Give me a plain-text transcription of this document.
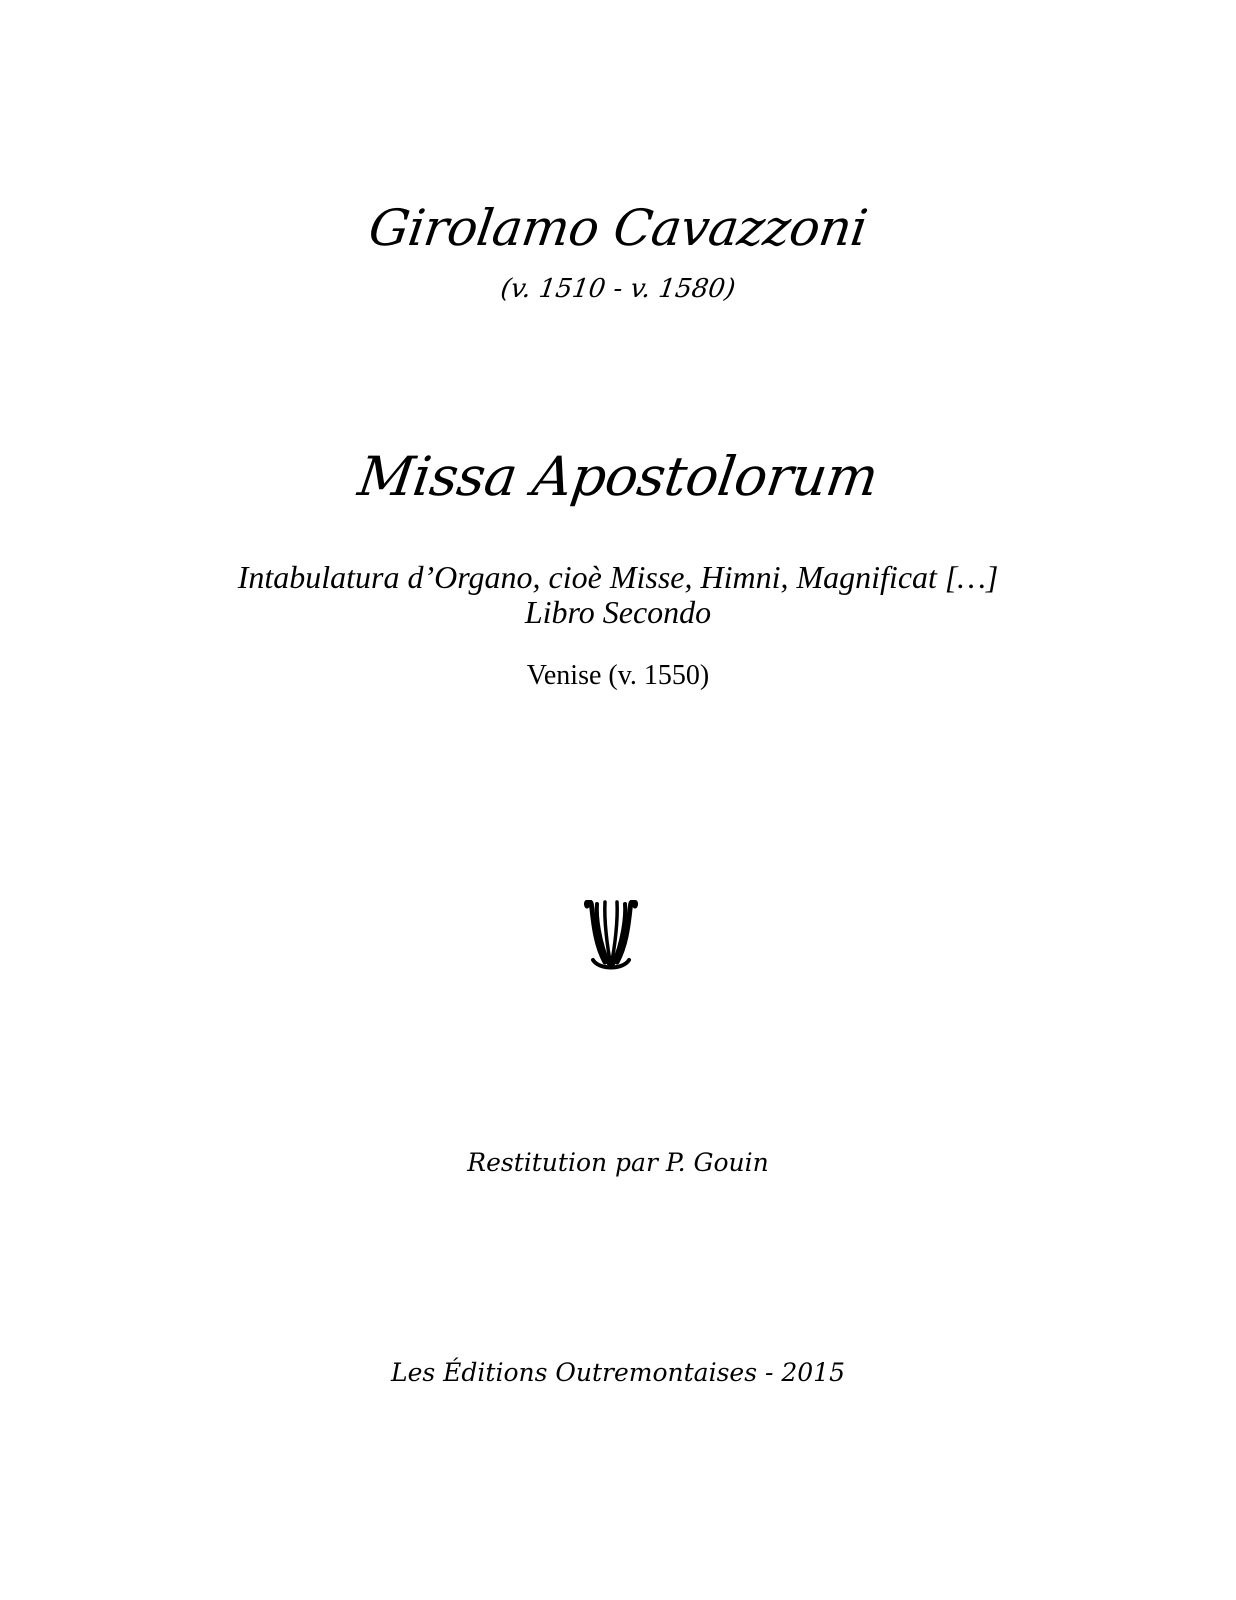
Girolamo Cavazzoni
(v. 1510 - v. 1580)
Missa Apostolorum
Intabulatura d’Organo, cioè Misse, Himni, Magnificat […]
Libro Secondo
Venise (v. 1550)
Restitution par P. Gouin
Les Éditions Outremontaises - 2015
